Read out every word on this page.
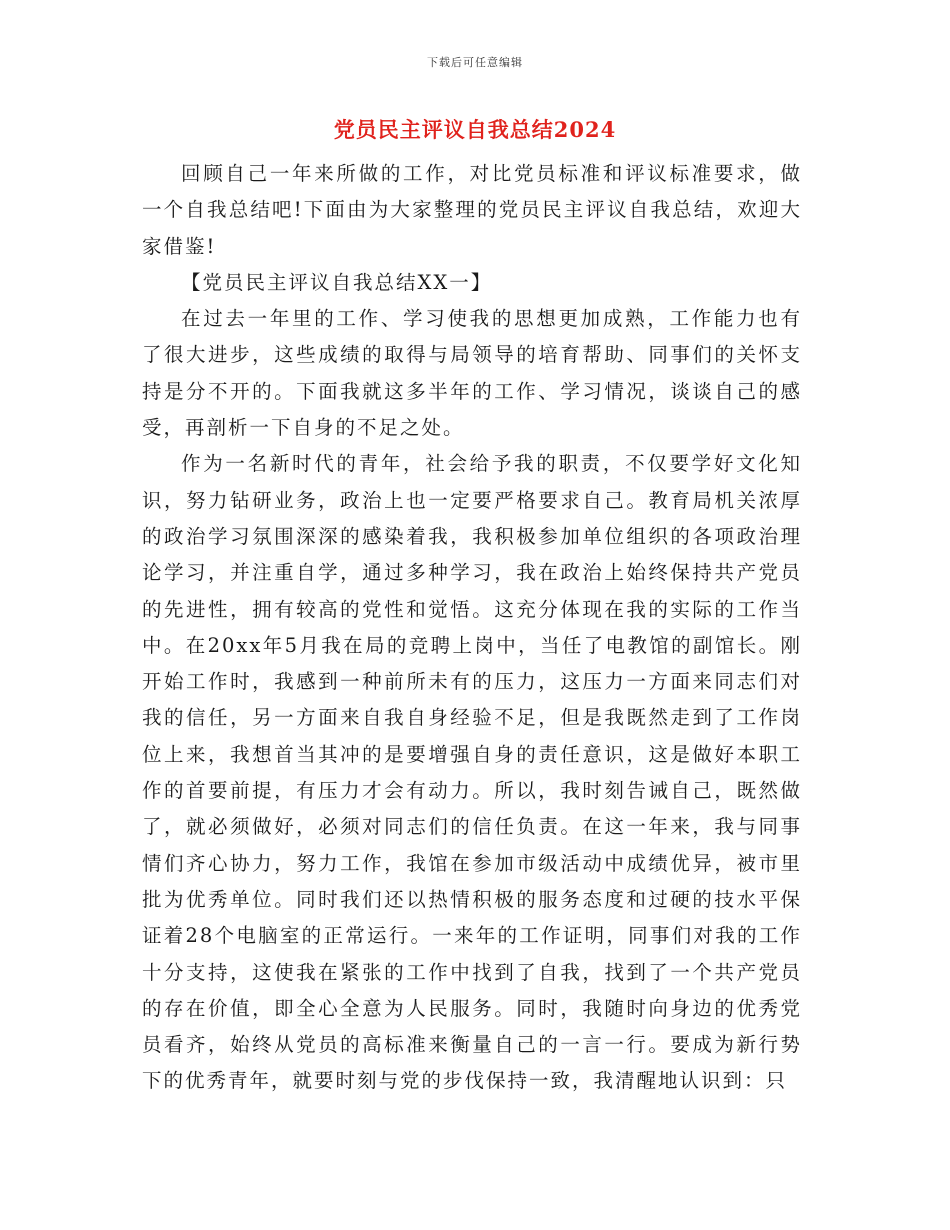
下载后可任意编辑
党员民主评议自我总结2024

回顾自己一年来所做的工作，对比党员标准和评议标准要求，做一个自我总结吧!下面由为大家整理的党员民主评议自我总结，欢迎大家借鉴!

【党员民主评议自我总结XX一】

在过去一年里的工作、学习使我的思想更加成熟，工作能力也有了很大进步，这些成绩的取得与局领导的培育帮助、同事们的关怀支持是分不开的。下面我就这多半年的工作、学习情况，谈谈自己的感受，再剖析一下自身的不足之处。

作为一名新时代的青年，社会给予我的职责，不仅要学好文化知识，努力钻研业务，政治上也一定要严格要求自己。教育局机关浓厚的政治学习氛围深深的感染着我，我积极参加单位组织的各项政治理论学习，并注重自学，通过多种学习，我在政治上始终保持共产党员的先进性，拥有较高的党性和觉悟。这充分体现在我的实际的工作当中。在20xx年5月我在局的竞聘上岗中，当任了电教馆的副馆长。刚开始工作时，我感到一种前所未有的压力，这压力一方面来同志们对我的信任，另一方面来自我自身经验不足，但是我既然走到了工作岗位上来，我想首当其冲的是要增强自身的责任意识，这是做好本职工作的首要前提，有压力才会有动力。所以，我时刻告诫自己，既然做了，就必须做好，必须对同志们的信任负责。在这一年来，我与同事情们齐心协力，努力工作，我馆在参加市级活动中成绩优异，被市里批为优秀单位。同时我们还以热情积极的服务态度和过硬的技水平保证着28个电脑室的正常运行。一来年的工作证明，同事们对我的工作十分支持，这使我在紧张的工作中找到了自我，找到了一个共产党员的存在价值，即全心全意为人民服务。同时，我随时向身边的优秀党员看齐，始终从党员的高标准来衡量自己的一言一行。要成为新行势下的优秀青年，就要时刻与党的步伐保持一致，我清醒地认识到：只
